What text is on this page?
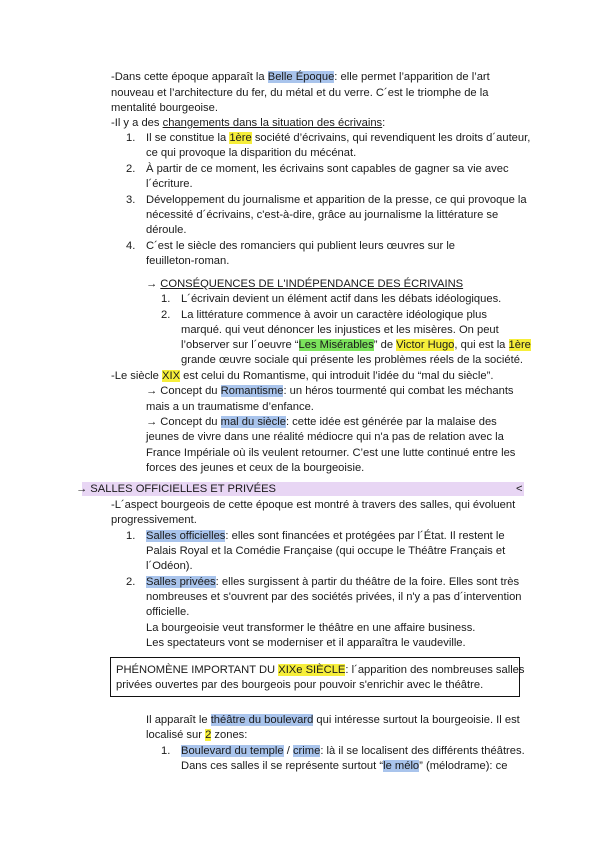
-Dans cette époque apparaît la Belle Époque: elle permet l’apparition de l’art
nouveau et l’architecture du fer, du métal et du verre. C´est le triomphe de la
mentalité bourgeoise.
-Il y a des changements dans la situation des écrivains:
1. Il se constitue la 1ère société d’écrivains, qui revendiquent les droits d´auteur,
ce qui provoque la disparition du mécénat.
2. À partir de ce moment, les écrivains sont capables de gagner sa vie avec
l´écriture.
3. Développement du journalisme et apparition de la presse, ce qui provoque la
nécessité d´écrivains, c'est-à-dire, grâce au journalisme la littérature se
déroule.
4. C´est le siècle des romanciers qui publient leurs œuvres sur le
feuilleton-roman.
→ CONSÉQUENCES DE L'INDÉPENDANCE DES ÉCRIVAINS
1. L´écrivain devient un élément actif dans les débats idéologiques.
2. La littérature commence à avoir un caractère idéologique plus
marqué. qui veut dénoncer les injustices et les misères. On peut
l’observer sur l´oeuvre “Les Misérables” de Victor Hugo, qui est la 1ère
grande œuvre sociale qui présente les problèmes réels de la société.
-Le siècle XIX est celui du Romantisme, qui introduit l’idée du “mal du siècle”.
→ Concept du Romantisme: un héros tourmenté qui combat les méchants
mais a un traumatisme d’enfance.
→ Concept du mal du siècle: cette idée est générée par la malaise des
jeunes de vivre dans une réalité médiocre qui n'a pas de relation avec la
France Impériale où ils veulent retourner. C’est une lutte continué entre les
forces des jeunes et ceux de la bourgeoisie.
→ SALLES OFFICIELLES ET PRIVÉES	<
-L´aspect bourgeois de cette époque est montré à travers des salles, qui évoluent
progressivement.
1. Salles officielles: elles sont financées et protégées par l´État. Il restent le
Palais Royal et la Comédie Française (qui occupe le Théâtre Français et
l´Odéon).
2. Salles privées: elles surgissent à partir du théâtre de la foire. Elles sont très
nombreuses et s'ouvrent par des sociétés privées, il n'y a pas d´intervention
officielle.
La bourgeoisie veut transformer le théâtre en une affaire business.
Les spectateurs vont se moderniser et il apparaîtra le vaudeville.
PHÉNOMÈNE IMPORTANT DU XIXe SIÈCLE: l´apparition des nombreuses salles
privées ouvertes par des bourgeois pour pouvoir s'enrichir avec le théâtre.
Il apparaît le théâtre du boulevard qui intéresse surtout la bourgeoisie. Il est
localisé sur 2 zones:
1. Boulevard du temple / crime: là il se localisent des différents théâtres.
Dans ces salles il se représente surtout “le mélo” (mélodrame): ce
